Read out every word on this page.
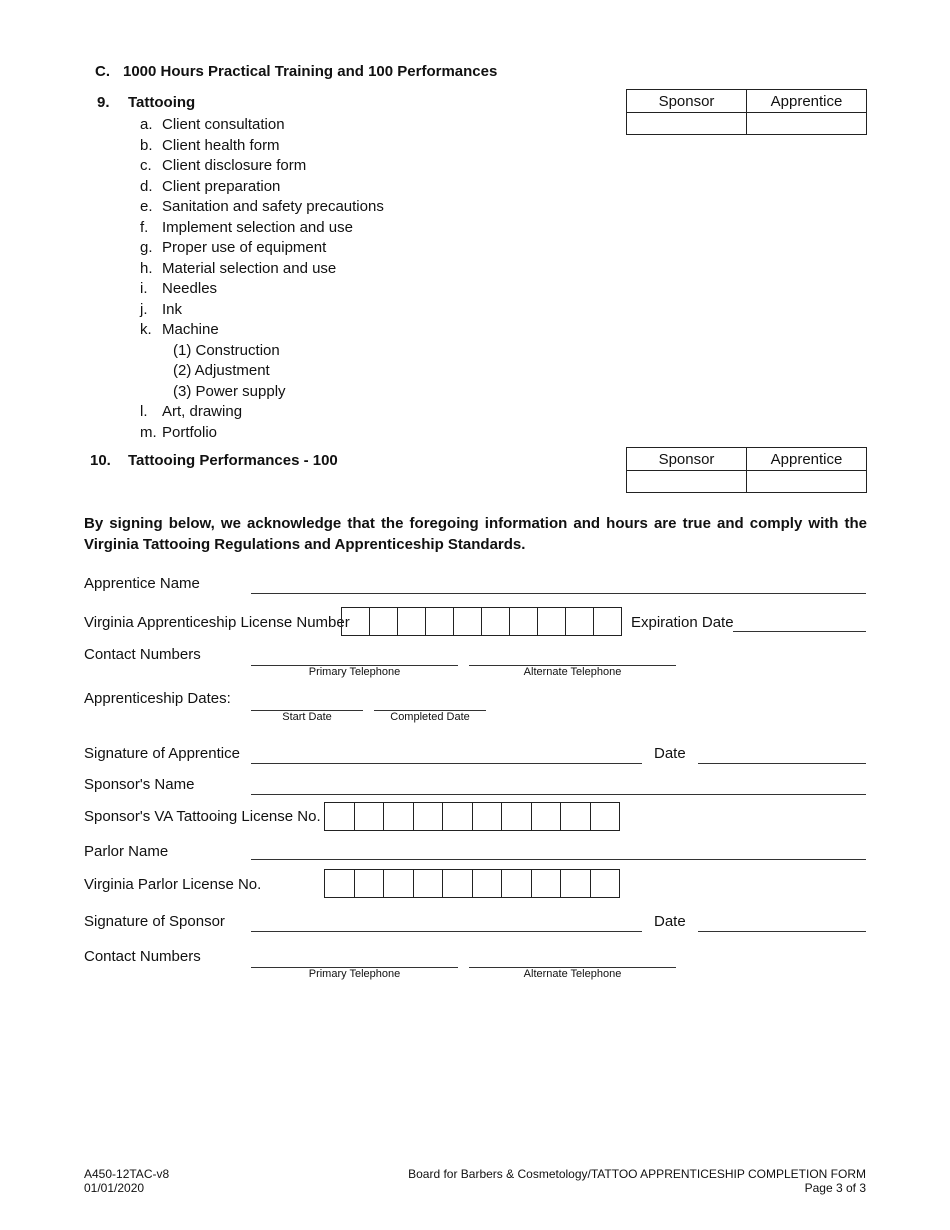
C. 1000 Hours Practical Training and 100 Performances
9. Tattooing
a. Client consultation
b. Client health form
c. Client disclosure form
d. Client preparation
e. Sanitation and safety precautions
f. Implement selection and use
g. Proper use of equipment
h. Material selection and use
i. Needles
j. Ink
k. Machine
(1) Construction
(2) Adjustment
(3) Power supply
l. Art, drawing
m. Portfolio
Sponsor	Apprentice

10. Tattooing Performances - 100	Sponsor	Apprentice

By signing below, we acknowledge that the foregoing information and hours are true and comply with the Virginia Tattooing Regulations and Apprenticeship Standards.
Apprentice Name
Virginia Apprenticeship License Number	Expiration Date
Contact Numbers
Primary Telephone	Alternate Telephone
Apprenticeship Dates:
Start Date	Completed Date
Signature of Apprentice	Date
Sponsor's Name
Sponsor's VA Tattooing License No.
Parlor Name
Virginia Parlor License No.
Signature of Sponsor	Date
Contact Numbers
Primary Telephone	Alternate Telephone
A450-12TAC-v8
01/01/2020
Board for Barbers & Cosmetology/TATTOO APPRENTICESHIP COMPLETION FORM
Page 3 of 3
